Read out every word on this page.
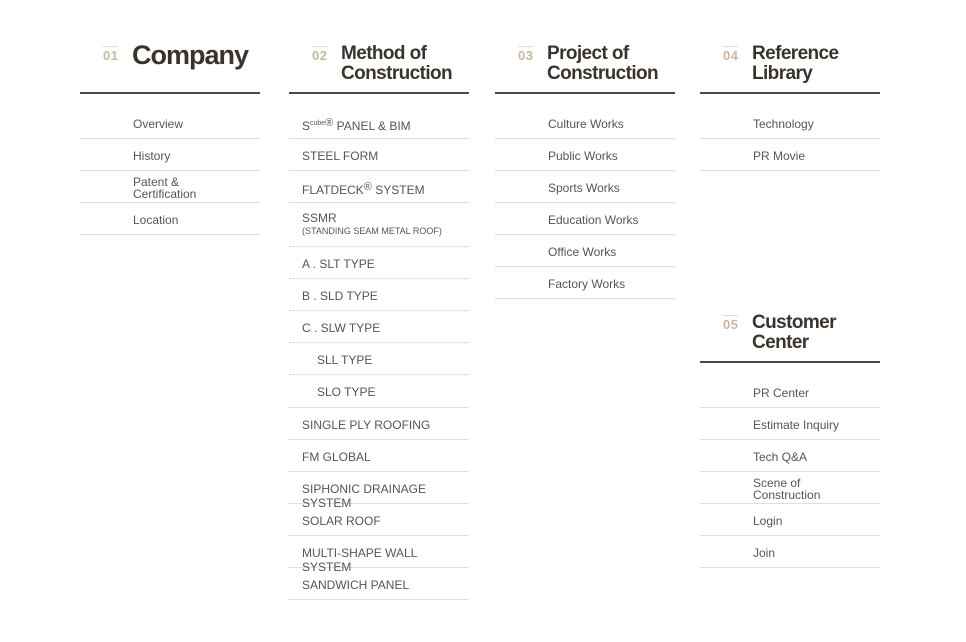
01 Company
Overview
History
Patent &
Certification
Location
02 Method of
Construction
$S^{cube}®$ PANEL & BIM
STEEL FORM
FLATDECK® SYSTEM
SSMR
(STANDING SEAM METAL ROOF)
A . SLT TYPE
B . SLD TYPE
C . SLW TYPE
SLL TYPE
SLO TYPE
SINGLE PLY ROOFING
FM GLOBAL
SIPHONIC DRAINAGE SYSTEM
SOLAR ROOF
MULTI-SHAPE WALL SYSTEM
SANDWICH PANEL
03 Project of
Construction
Culture Works
Public Works
Sports Works
Education Works
Office Works
Factory Works
04 Reference
Library
Technology
PR Movie
05 Customer
Center
PR Center
Estimate Inquiry
Tech Q&A
Scene of
Construction
Login
Join
